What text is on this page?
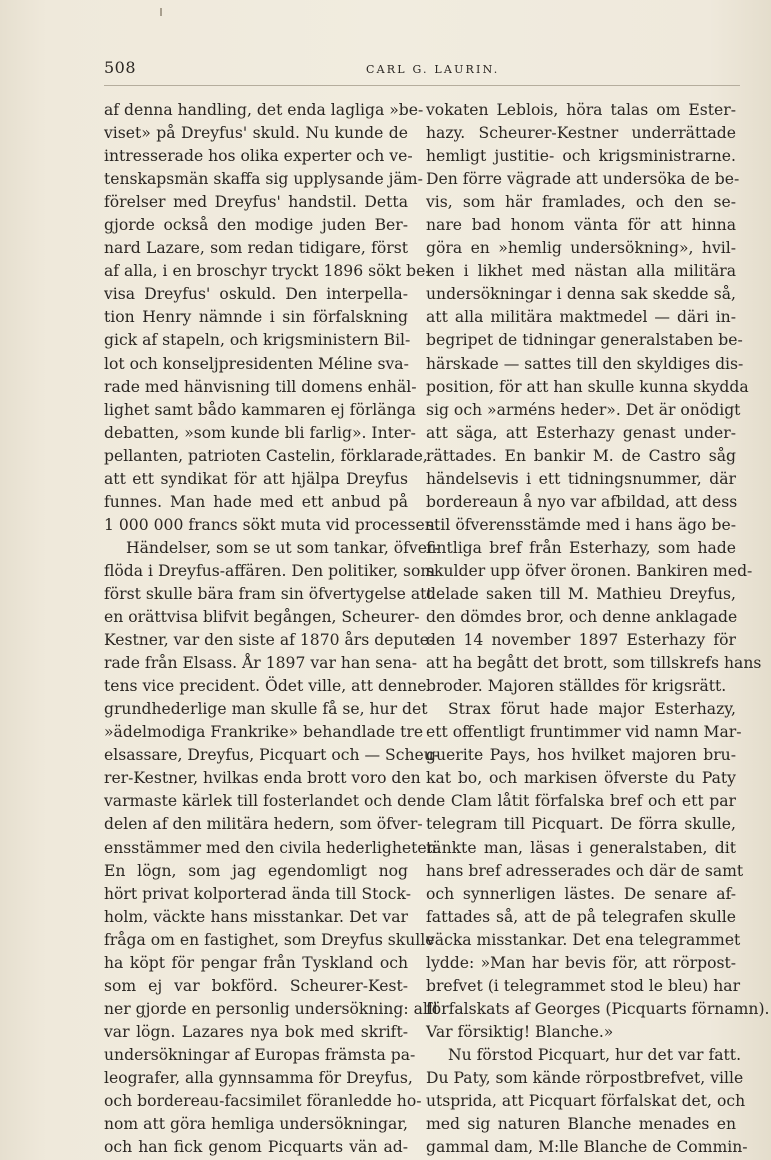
508	CARL G. LAURIN.
af denna handling, det enda lagliga »be-
viset» på Dreyfus' skuld. Nu kunde de
intresserade hos olika experter och ve-
tenskapsmän skaffa sig upplysande jäm-
förelser med Dreyfus' handstil. Detta
gjorde också den modige juden Ber-
nard Lazare, som redan tidigare, först
af alla, i en broschyr tryckt 1896 sökt be-
visa Dreyfus' oskuld. Den interpella-
tion Henry nämnde i sin förfalskning
gick af stapeln, och krigsministern Bil-
lot och konseljpresidenten Méline sva-
rade med hänvisning till domens enhäl-
lighet samt bådo kammaren ej förlänga
debatten, »som kunde bli farlig». Inter-
pellanten, patrioten Castelin, förklarade,
att ett syndikat för att hjälpa Dreyfus
funnes. Man hade med ett anbud på
1 000 000 francs sökt muta vid processen.
Händelser, som se ut som tankar, öfver-
flöda i Dreyfus-affären. Den politiker, som
först skulle bära fram sin öfvertygelse att
en orättvisa blifvit begången, Scheurer-
Kestner, var den siste af 1870 års depute-
rade från Elsass. År 1897 var han sena-
tens vice precident. Ödet ville, att denne
grundhederlige man skulle få se, hur det
»ädelmodiga Frankrike» behandlade tre
elsassare, Dreyfus, Picquart och — Scheu-
rer-Kestner, hvilkas enda brott voro den
varmaste kärlek till fosterlandet och den
delen af den militära hedern, som öfver-
ensstämmer med den civila hederligheten.
En lögn, som jag egendomligt nog
hört privat kolporterad ända till Stock-
holm, väckte hans misstankar. Det var
fråga om en fastighet, som Dreyfus skulle
ha köpt för pengar från Tyskland och
som ej var bokförd. Scheurer-Kest-
ner gjorde en personlig undersökning: allt
var lögn. Lazares nya bok med skrift-
undersökningar af Europas främsta pa-
leografer, alla gynnsamma för Dreyfus,
och bordereau-facsimilet föranledde ho-
nom att göra hemliga undersökningar,
och han fick genom Picquarts vän ad-
vokaten Leblois, höra talas om Ester-
hazy. Scheurer-Kestner underrättade
hemligt justitie- och krigsministrarne.
Den förre vägrade att undersöka de be-
vis, som här framlades, och den se-
nare bad honom vänta för att hinna
göra en »hemlig undersökning», hvil-
ken i likhet med nästan alla militära
undersökningar i denna sak skedde så,
att alla militära maktmedel — däri in-
begripet de tidningar generalstaben be-
härskade — sattes till den skyldiges dis-
position, för att han skulle kunna skydda
sig och »arméns heder». Det är onödigt
att säga, att Esterhazy genast under-
rättades. En bankir M. de Castro såg
händelsevis i ett tidningsnummer, där
bordereaun å nyo var afbildad, att dess
stil öfverensstämde med i hans ägo be-
fintliga bref från Esterhazy, som hade
skulder upp öfver öronen. Bankiren med-
delade saken till M. Mathieu Dreyfus,
den dömdes bror, och denne anklagade
den 14 november 1897 Esterhazy för
att ha begått det brott, som tillskrefs hans
broder. Majoren ställdes för krigsrätt.
Strax förut hade major Esterhazy,
ett offentligt fruntimmer vid namn Mar-
guerite Pays, hos hvilket majoren bru-
kat bo, och markisen öfverste du Paty
de Clam låtit förfalska bref och ett par
telegram till Picquart. De förra skulle,
tänkte man, läsas i generalstaben, dit
hans bref adresserades och där de samt
och synnerligen lästes. De senare af-
fattades så, att de på telegrafen skulle
väcka misstankar. Det ena telegrammet
lydde: »Man har bevis för, att rörpost-
brefvet (i telegrammet stod le bleu) har
förfalskats af Georges (Picquarts förnamn).
Var försiktig! Blanche.»
Nu förstod Picquart, hur det var fatt.
Du Paty, som kände rörpostbrefvet, ville
utsprida, att Picquart förfalskat det, och
med sig naturen Blanche menades en
gammal dam, M:lle Blanche de Commin-
